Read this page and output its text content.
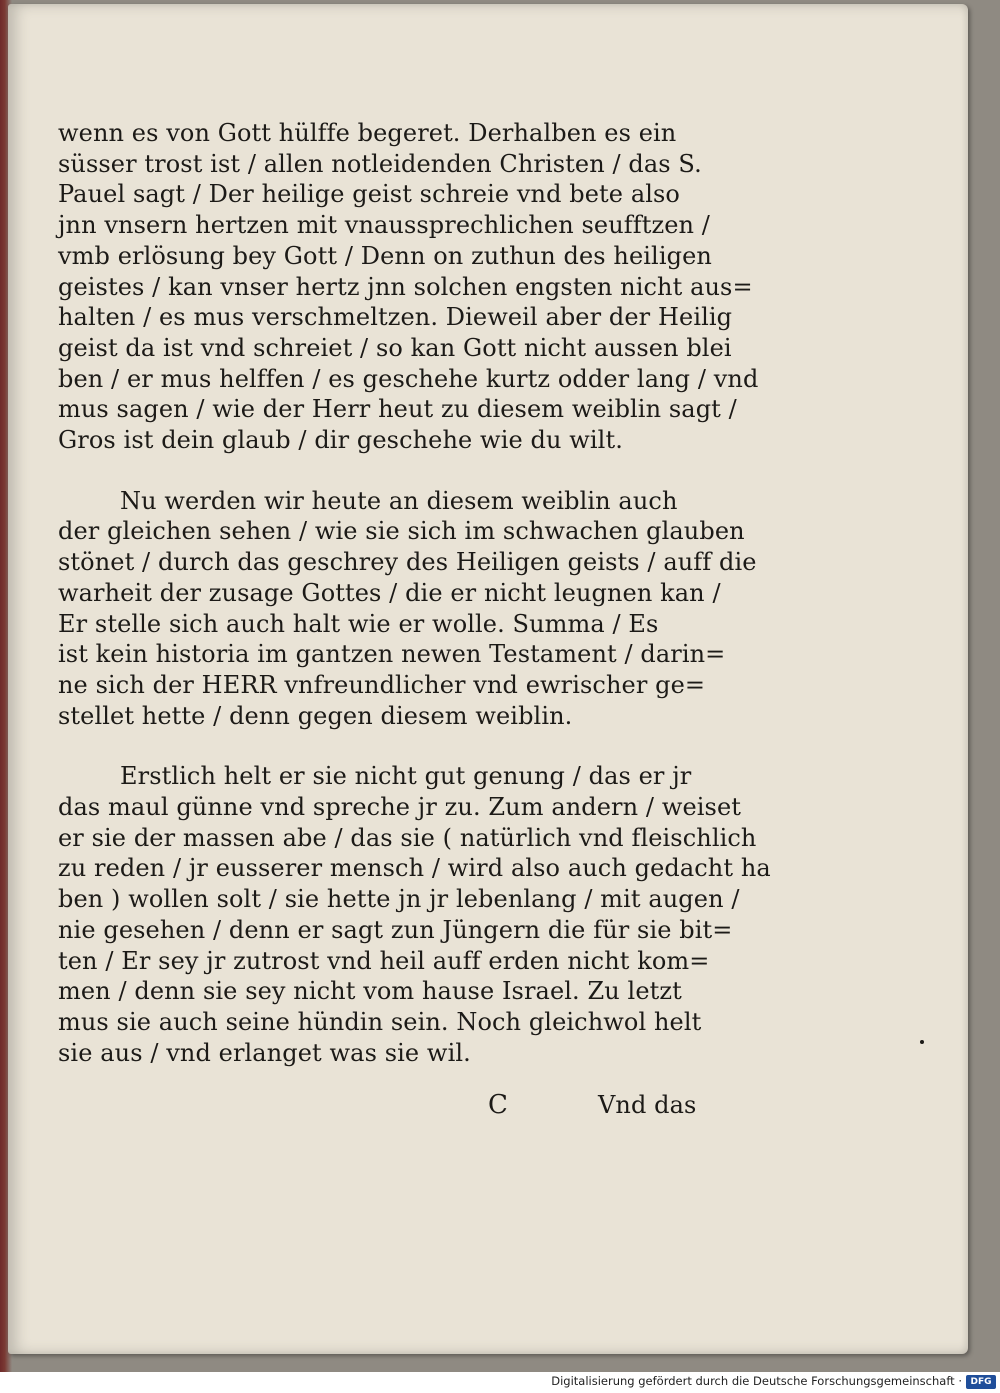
wenn es von Gott hülffe begeret. Derhalben es ein
süsser trost ist / allen notleidenden Christen / das S.
Pauel sagt / Der heilige geist schreie vnd bete also
jnn vnsern hertzen mit vnaussprechlichen seufftzen /
vmb erlösung bey Gott / Denn on zuthun des heiligen
geistes / kan vnser hertz jnn solchen engsten nicht aus=
halten / es mus verschmeltzen. Dieweil aber der Heilig
geist da ist vnd schreiet / so kan Gott nicht aussen blei
ben / er mus helffen / es geschehe kurtz odder lang / vnd
mus sagen / wie der Herr heut zu diesem weiblin sagt /
Gros ist dein glaub / dir geschehe wie du wilt.
Nu werden wir heute an diesem weiblin auch
der gleichen sehen / wie sie sich im schwachen glauben
stönet / durch das geschrey des Heiligen geists / auff die
warheit der zusage Gottes / die er nicht leugnen kan /
Er stelle sich auch halt wie er wolle. Summa / Es
ist kein historia im gantzen newen Testament / darin=
ne sich der HERR vnfreundlicher vnd ewrischer ge=
stellet hette / denn gegen diesem weiblin.
Erstlich helt er sie nicht gut genung / das er jr
das maul günne vnd spreche jr zu. Zum andern / weiset
er sie der massen abe / das sie ( natürlich vnd fleischlich
zu reden / jr eusserer mensch / wird also auch gedacht ha
ben ) wollen solt / sie hette jn jr lebenlang / mit augen /
nie gesehen / denn er sagt zun Jüngern die für sie bit=
ten / Er sey jr zutrost vnd heil auff erden nicht kom=
men / denn sie sey nicht vom hause Israel. Zu letzt
mus sie auch seine hündin sein. Noch gleichwol helt
sie aus / vnd erlanget was sie wil.
C	Vnd das
Digitalisierung gefördert durch die Deutsche Forschungsgemeinschaft · DFG
